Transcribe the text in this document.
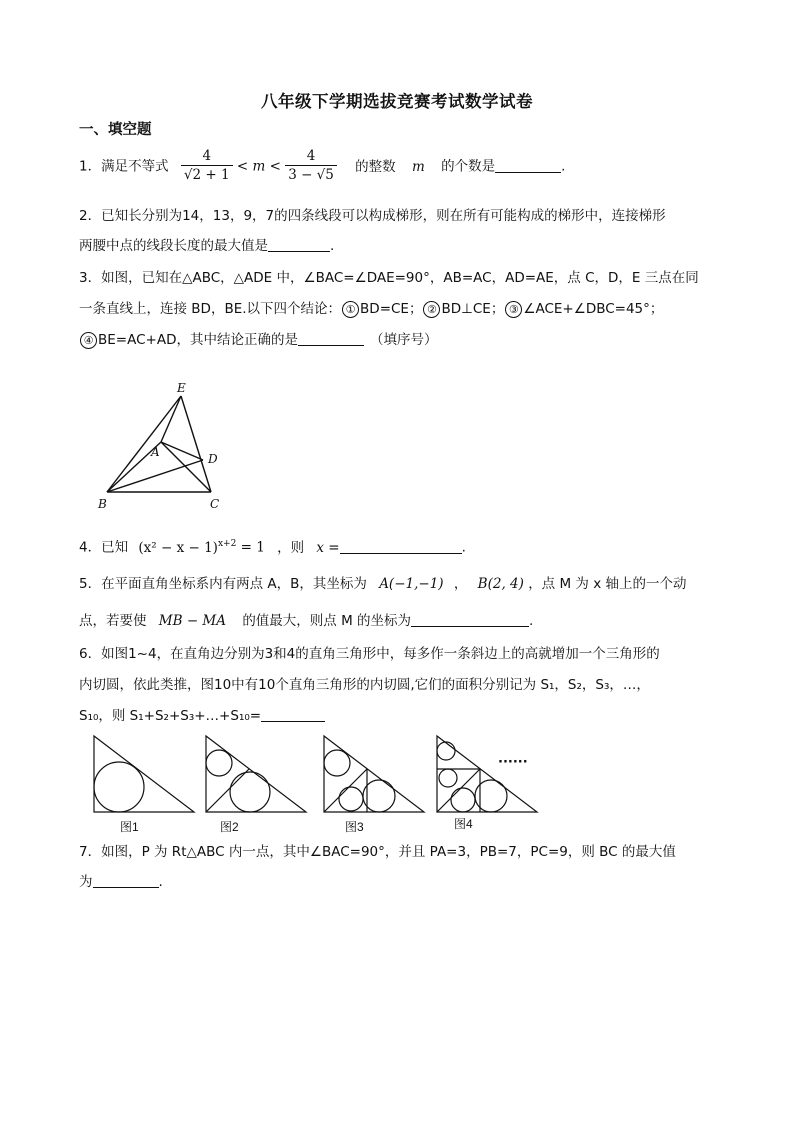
八年级下学期选拔竞赛考试数学试卷
一、填空题
1．满足不等式 $\frac{4}{√2 + 1} < m < \frac{4}{3 - √5}$ 的整数 m 的个数是	.
2．已知长分别为14，13，9，7的四条线段可以构成梯形，则在所有可能构成的梯形中，连接梯形
两腰中点的线段长度的最大值是	.
3．如图，已知在△ABC，△ADE 中，∠BAC=∠DAE=90°，AB=AC，AD=AE，点 C，D，E 三点在同
一条直线上，连接 BD，BE.以下四个结论： ① BD=CE； ② BD⊥CE； ③ ∠ACE+∠DBC=45°；
④ BE=AC+AD，其中结论正确的是	（填序号）
E
A	D
B	C
4．已知 $(x^2 - x - 1)^{x+2} = 1$ ，则 x =	.
5．在平面直角坐标系内有两点 A，B，其坐标为 A(−1,−1) ， B(2, 4) ，点 M 为 x 轴上的一个动
点，若要使 MB − MA 的值最大，则点 M 的坐标为	.
6．如图1~4，在直角边分别为3和4的直角三角形中，每多作一条斜边上的高就增加一个三角形的
内切圆，依此类推，图10中有10个直角三角形的内切圆,它们的面积分别记为 S₁，S₂，S₃，…，
S₁₀，则 S₁+S₂+S₃+…+S₁₀=
······
图1	图2	图3	图4
7．如图，P 为 Rt△ABC 内一点，其中∠BAC=90°，并且 PA=3，PB=7，PC=9，则 BC 的最大值
为	.
